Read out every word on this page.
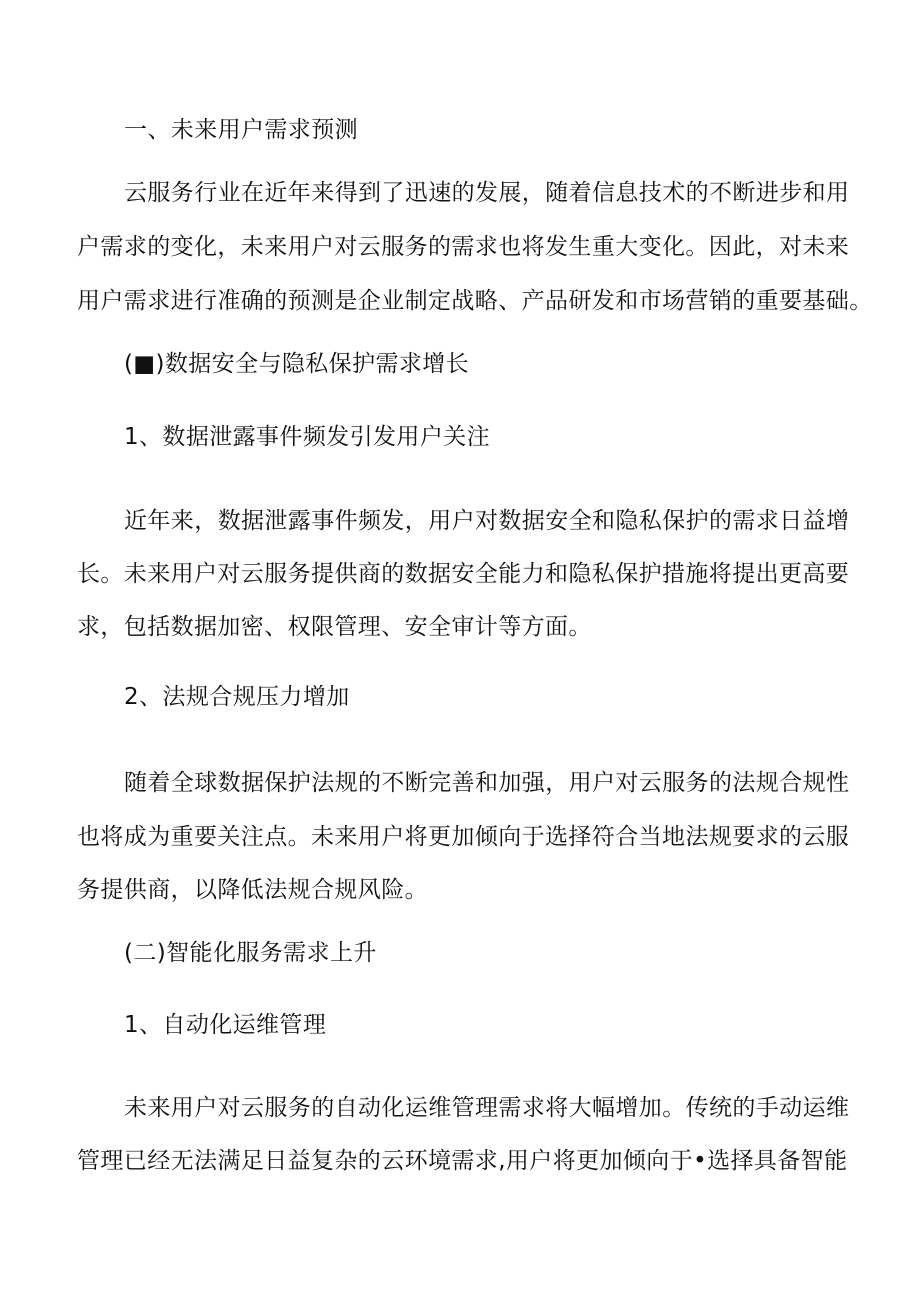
一、未来用户需求预测
云服务行业在近年来得到了迅速的发展，随着信息技术的不断进步和用
户需求的变化，未来用户对云服务的需求也将发生重大变化。因此，对未来
用户需求进行准确的预测是企业制定战略、产品研发和市场营销的重要基础。
(■)数据安全与隐私保护需求增长
1、数据泄露事件频发引发用户关注
近年来，数据泄露事件频发，用户对数据安全和隐私保护的需求日益增
长。未来用户对云服务提供商的数据安全能力和隐私保护措施将提出更高要
求，包括数据加密、权限管理、安全审计等方面。
2、法规合规压力增加
随着全球数据保护法规的不断完善和加强，用户对云服务的法规合规性
也将成为重要关注点。未来用户将更加倾向于选择符合当地法规要求的云服
务提供商，以降低法规合规风险。
(二)智能化服务需求上升
1、自动化运维管理
未来用户对云服务的自动化运维管理需求将大幅增加。传统的手动运维
管理已经无法满足日益复杂的云环境需求,用户将更加倾向于•选择具备智能
